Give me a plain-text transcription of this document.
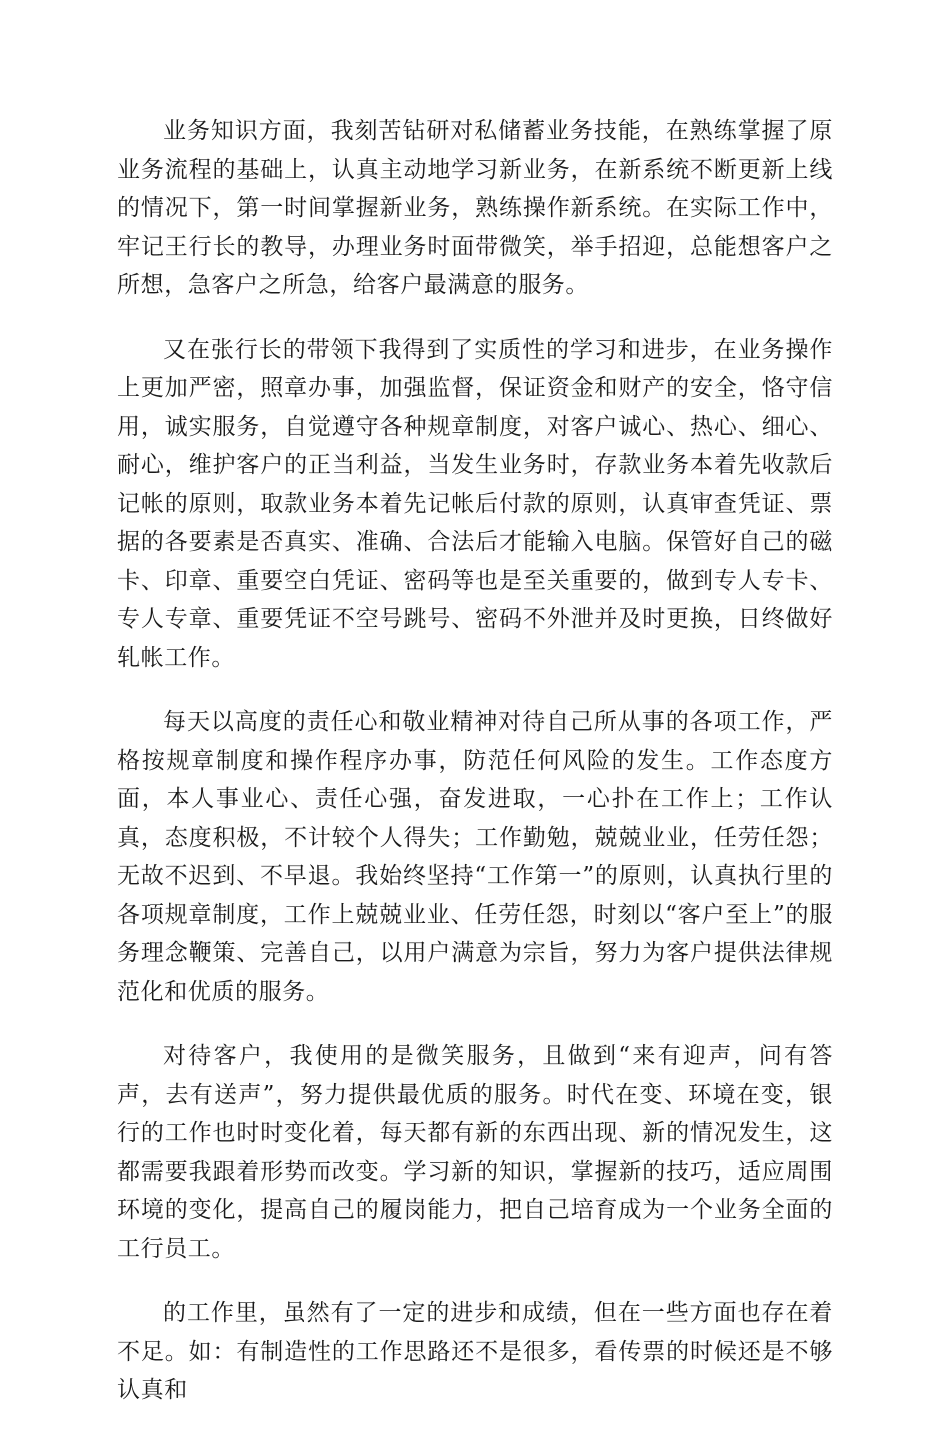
业务知识方面，我刻苦钻研对私储蓄业务技能，在熟练掌握了原业务流程的基础上，认真主动地学习新业务，在新系统不断更新上线的情况下，第一时间掌握新业务，熟练操作新系统。在实际工作中，牢记王行长的教导，办理业务时面带微笑，举手招迎，总能想客户之所想，急客户之所急，给客户最满意的服务。

又在张行长的带领下我得到了实质性的学习和进步，在业务操作上更加严密，照章办事，加强监督，保证资金和财产的安全，恪守信用，诚实服务，自觉遵守各种规章制度，对客户诚心、热心、细心、耐心，维护客户的正当利益，当发生业务时，存款业务本着先收款后记帐的原则，取款业务本着先记帐后付款的原则，认真审查凭证、票据的各要素是否真实、准确、合法后才能输入电脑。保管好自己的磁卡、印章、重要空白凭证、密码等也是至关重要的，做到专人专卡、专人专章、重要凭证不空号跳号、密码不外泄并及时更换，日终做好轧帐工作。

每天以高度的责任心和敬业精神对待自己所从事的各项工作，严格按规章制度和操作程序办事，防范任何风险的发生。工作态度方面，本人事业心、责任心强，奋发进取，一心扑在工作上；工作认真，态度积极，不计较个人得失；工作勤勉，兢兢业业，任劳任怨；无故不迟到、不早退。我始终坚持“工作第一”的原则，认真执行里的各项规章制度，工作上兢兢业业、任劳任怨，时刻以“客户至上”的服务理念鞭策、完善自己，以用户满意为宗旨，努力为客户提供法律规范化和优质的服务。

对待客户，我使用的是微笑服务，且做到“来有迎声，问有答声，去有送声”，努力提供最优质的服务。时代在变、环境在变，银行的工作也时时变化着，每天都有新的东西出现、新的情况发生，这都需要我跟着形势而改变。学习新的知识，掌握新的技巧，适应周围环境的变化，提高自己的履岗能力，把自己培育成为一个业务全面的工行员工。

的工作里，虽然有了一定的进步和成绩，但在一些方面也存在着不足。如：有制造性的工作思路还不是很多，看传票的时候还是不够认真和
